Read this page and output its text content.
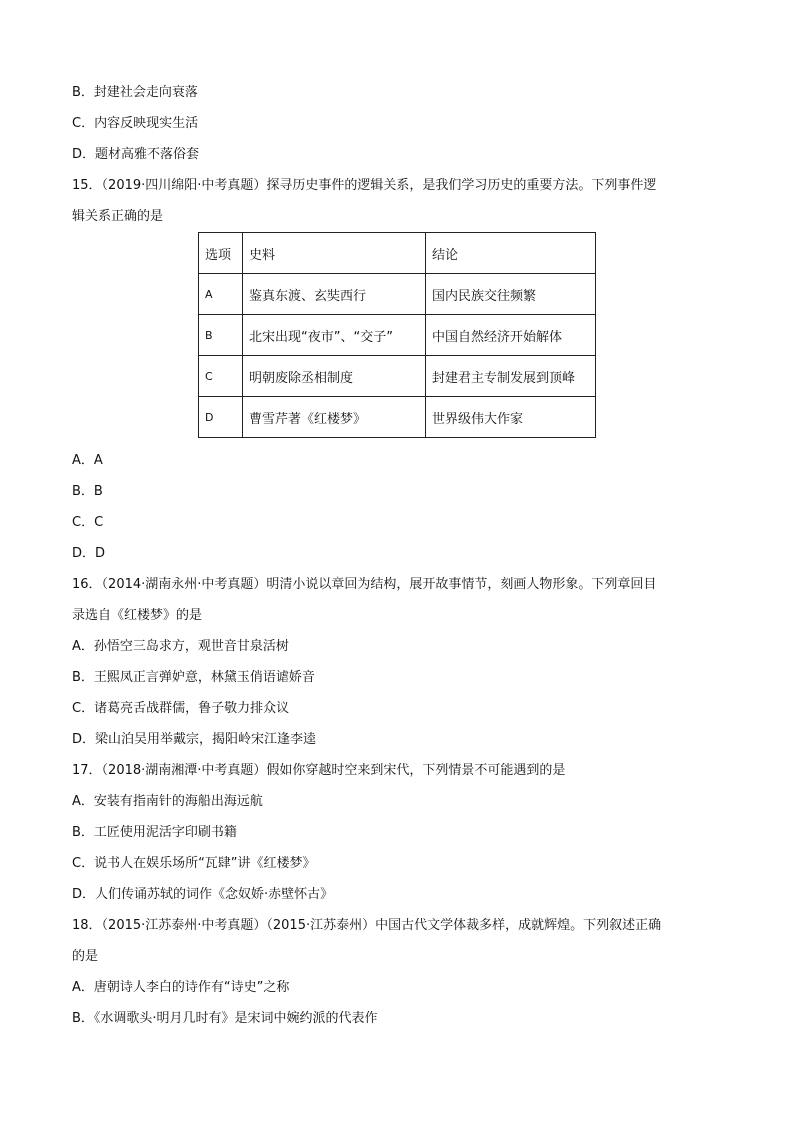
B．封建社会走向衰落
C．内容反映现实生活
D．题材高雅不落俗套
15．（2019·四川绵阳·中考真题）探寻历史事件的逻辑关系，是我们学习历史的重要方法。下列事件逻
辑关系正确的是
选项	史料	结论
A	鉴真东渡、玄奘西行	国内民族交往频繁
B	北宋出现“夜市”、“交子”	中国自然经济开始解体
C	明朝废除丞相制度	封建君主专制发展到顶峰
D	曹雪芹著《红楼梦》	世界级伟大作家
A．A
B．B
C．C
D．D
16．（2014·湖南永州·中考真题）明清小说以章回为结构，展开故事情节，刻画人物形象。下列章回目
录选自《红楼梦》的是
A．孙悟空三岛求方，观世音甘泉活树
B．王熙凤正言弹妒意，林黛玉俏语谑娇音
C．诸葛亮舌战群儒，鲁子敬力排众议
D．梁山泊吴用举戴宗，揭阳岭宋江逢李逵
17．（2018·湖南湘潭·中考真题）假如你穿越时空来到宋代，下列情景不可能遇到的是
A．安装有指南针的海船出海远航
B．工匠使用泥活字印刷书籍
C．说书人在娱乐场所“瓦肆”讲《红楼梦》
D．人们传诵苏轼的词作《念奴娇·赤壁怀古》
18．（2015·江苏泰州·中考真题）（2015·江苏泰州）中国古代文学体裁多样，成就辉煌。下列叙述正确
的是
A．唐朝诗人李白的诗作有“诗史”之称
B．《水调歌头·明月几时有》是宋词中婉约派的代表作
